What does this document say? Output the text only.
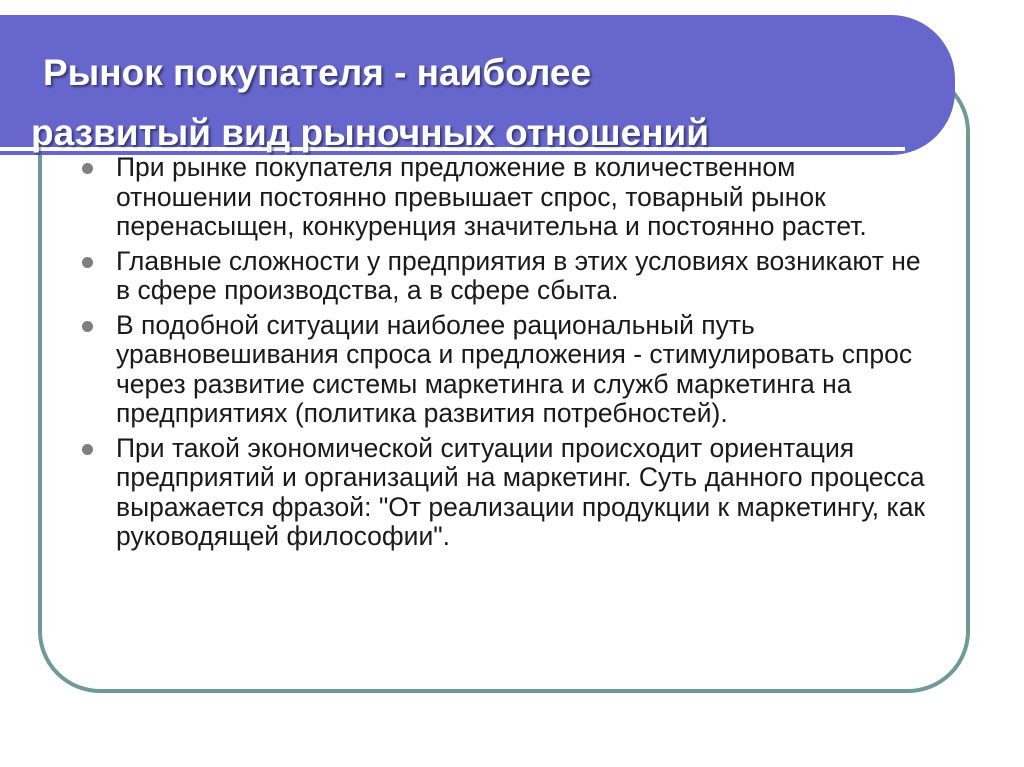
Рынок покупателя - наиболее
развитый вид рыночных отношений
При рынке покупателя предложение в количественном отношении постоянно превышает спрос, товарный рынок перенасыщен, конкуренция значительна и постоянно растет.
Главные сложности у предприятия в этих условиях возникают не в сфере производства, а в сфере сбыта.
В подобной ситуации наиболее рациональный путь уравновешивания спроса и предложения - стимулировать спрос через развитие системы маркетинга и служб маркетинга на предприятиях (политика развития потребностей).
При такой экономической ситуации происходит ориентация предприятий и организаций на маркетинг. Суть данного процесса выражается фразой: "От реализации продукции к маркетингу, как руководящей философии".
